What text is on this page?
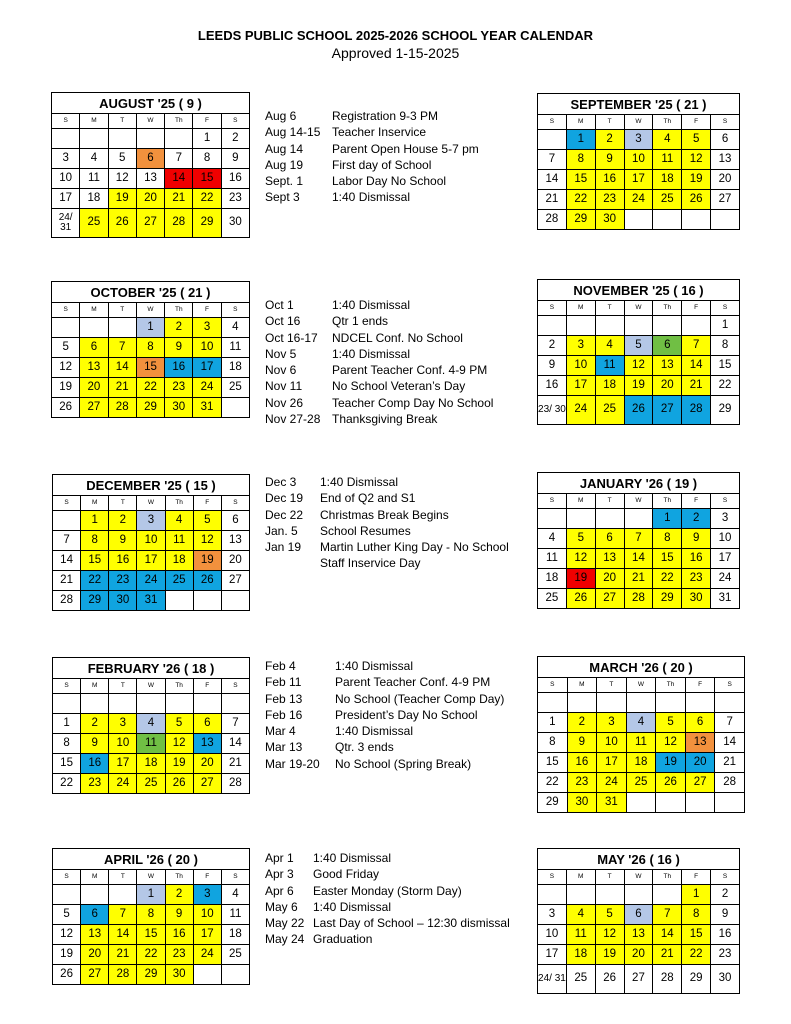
LEEDS PUBLIC SCHOOL 2025-2026 SCHOOL YEAR CALENDAR
Approved 1-15-2025
AUGUST '25 ( 9 )						
S	M	T	W	Th	F	S
					1	2
3	4	5	6	7	8	9
10	11	12	13	14	15	16
17	18	19	20	21	22	23
24/ 31	25	26	27	28	29	30
SEPTEMBER '25 ( 21 )						
S	M	T	W	Th	F	S
	1	2	3	4	5	6
7	8	9	10	11	12	13
14	15	16	17	18	19	20
21	22	23	24	25	26	27
28	29	30				
OCTOBER '25 ( 21 )						
S	M	T	W	Th	F	S
			1	2	3	4
5	6	7	8	9	10	11
12	13	14	15	16	17	18
19	20	21	22	23	24	25
26	27	28	29	30	31	
NOVEMBER '25 ( 16 )						
S	M	T	W	Th	F	S
						1
2	3	4	5	6	7	8
9	10	11	12	13	14	15
16	17	18	19	20	21	22
23/ 30	24	25	26	27	28	29
DECEMBER '25 ( 15 )						
S	M	T	W	Th	F	S
	1	2	3	4	5	6
7	8	9	10	11	12	13
14	15	16	17	18	19	20
21	22	23	24	25	26	27
28	29	30	31			
JANUARY '26 ( 19 )						
S	M	T	W	Th	F	S
				1	2	3
4	5	6	7	8	9	10
11	12	13	14	15	16	17
18	19	20	21	22	23	24
25	26	27	28	29	30	31
FEBRUARY '26 ( 18 )						
S	M	T	W	Th	F	S

1	2	3	4	5	6	7
8	9	10	11	12	13	14
15	16	17	18	19	20	21
22	23	24	25	26	27	28
MARCH '26 ( 20 )						
S	M	T	W	Th	F	S

1	2	3	4	5	6	7
8	9	10	11	12	13	14
15	16	17	18	19	20	21
22	23	24	25	26	27	28
29	30	31				
APRIL '26 ( 20 )						
S	M	T	W	Th	F	S
			1	2	3	4
5	6	7	8	9	10	11
12	13	14	15	16	17	18
19	20	21	22	23	24	25
26	27	28	29	30		
MAY '26 ( 16 )						
S	M	T	W	Th	F	S
					1	2
3	4	5	6	7	8	9
10	11	12	13	14	15	16
17	18	19	20	21	22	23
24/ 31	25	26	27	28	29	30
Aug 6	Registration 9-3 PM
Aug 14-15 Teacher Inservice
Aug 14 Parent Open House 5-7 pm
Aug 19 First day of School
Sept. 1 Labor Day No School
Sept 3	1:40 Dismissal
Oct 1	1:40 Dismissal
Oct 16	Qtr 1 ends
Oct 16-17 NDCEL Conf. No School
Nov 5	1:40 Dismissal
Nov 6	Parent Teacher Conf. 4-9 PM
Nov 11 No School Veteran’s Day
Nov 26 Teacher Comp Day No School
Nov 27-28 Thanksgiving Break
Dec 3 1:40 Dismissal
Dec 19 End of Q2 and S1
Dec 22 Christmas Break Begins
Jan. 5 School Resumes
Jan 19 Martin Luther King Day - No School
Staff Inservice Day
Feb 4	1:40 Dismissal
Feb 11	Parent Teacher Conf. 4-9 PM
Feb 13	No School (Teacher Comp Day)
Feb 16	President’s Day No School
Mar 4	1:40 Dismissal
Mar 13	Qtr. 3 ends
Mar 19-20 No School (Spring Break)
Apr 1 1:40 Dismissal
Apr 3 Good Friday
Apr 6 Easter Monday (Storm Day)
May 6 1:40 Dismissal
May 22 Last Day of School – 12:30 dismissal
May 24 Graduation
